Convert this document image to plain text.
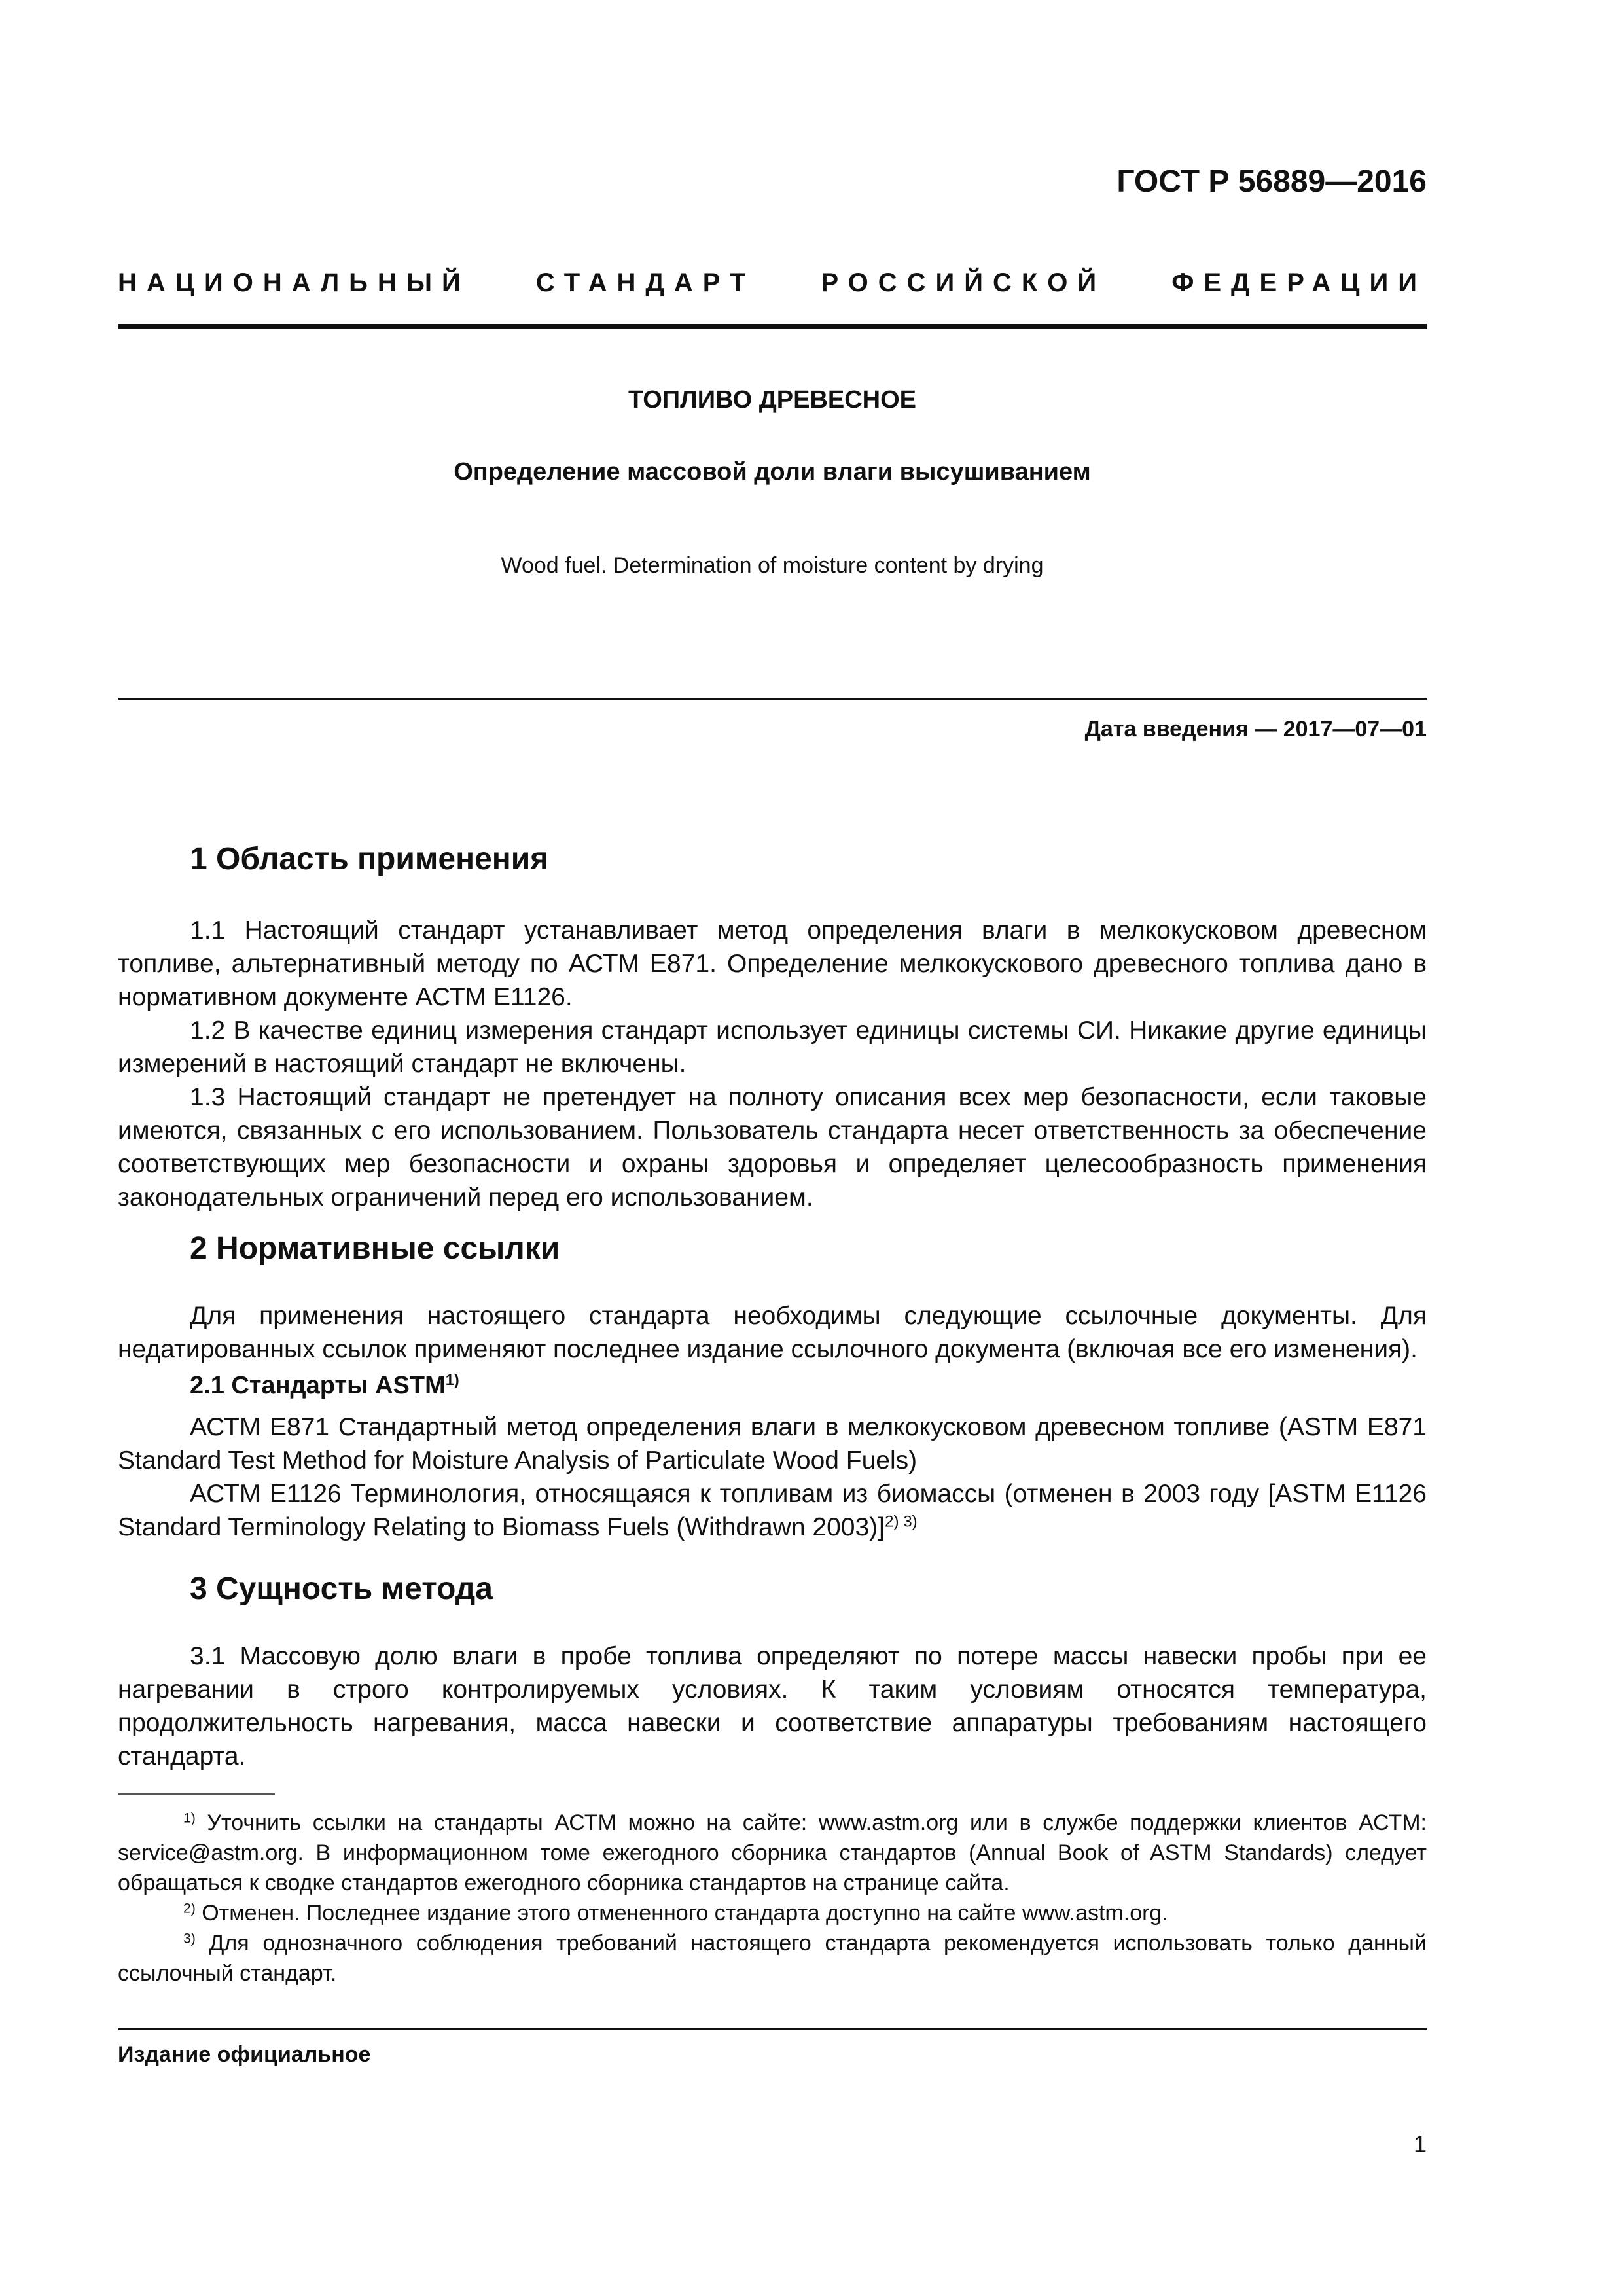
ГОСТ Р 56889—2016
НАЦИОНАЛЬНЫЙ	СТАНДАРТ	РОССИЙСКОЙ	ФЕДЕРАЦИИ
ТОПЛИВО ДРЕВЕСНОЕ
Определение массовой доли влаги высушиванием
Wood fuel. Determination of moisture content by drying
Дата введения — 2017—07—01
1 Область применения

1.1 Настоящий стандарт устанавливает метод определения влаги в мелкокусковом древесном топливе, альтернативный методу по АСТМ Е871. Определение мелкокускового древесного топлива дано в нормативном документе АСТМ Е1126.

1.2 В качестве единиц измерения стандарт использует единицы системы СИ. Никакие другие единицы измерений в настоящий стандарт не включены.

1.3 Настоящий стандарт не претендует на полноту описания всех мер безопасности, если таковые имеются, связанных с его использованием. Пользователь стандарта несет ответственность за обеспечение соответствующих мер безопасности и охраны здоровья и определяет целесообразность применения законодательных ограничений перед его использованием.

2 Нормативные ссылки

Для применения настоящего стандарта необходимы следующие ссылочные документы. Для недатированных ссылок применяют последнее издание ссылочного документа (включая все его изменения).

2.1 Стандарты ASTM$^{1)}$

АСТМ Е871 Стандартный метод определения влаги в мелкокусковом древесном топливе (ASTM E871 Standard Test Method for Moisture Analysis of Particulate Wood Fuels)

АСТМ Е1126 Терминология, относящаяся к топливам из биомассы (отменен в 2003 году [ASTM E1126 Standard Terminology Relating to Biomass Fuels (Withdrawn 2003)]$^{2) 3)}$

3 Сущность метода

3.1 Массовую долю влаги в пробе топлива определяют по потере массы навески пробы при ее нагревании в строго контролируемых условиях. К таким условиям относятся температура, продолжительность нагревания, масса навески и соответствие аппаратуры требованиям настоящего стандарта.

$^{1)}$ Уточнить ссылки на стандарты АСТМ можно на сайте: www.astm.org или в службе поддержки клиентов АСТМ: service@astm.org. В информационном томе ежегодного сборника стандартов (Annual Book of ASTM Standards) следует обращаться к сводке стандартов ежегодного сборника стандартов на странице сайта.

$^{2)}$ Отменен. Последнее издание этого отмененного стандарта доступно на сайте www.astm.org.

$^{3)}$ Для однозначного соблюдения требований настоящего стандарта рекомендуется использовать только данный ссылочный стандарт.

Издание официальное
1
